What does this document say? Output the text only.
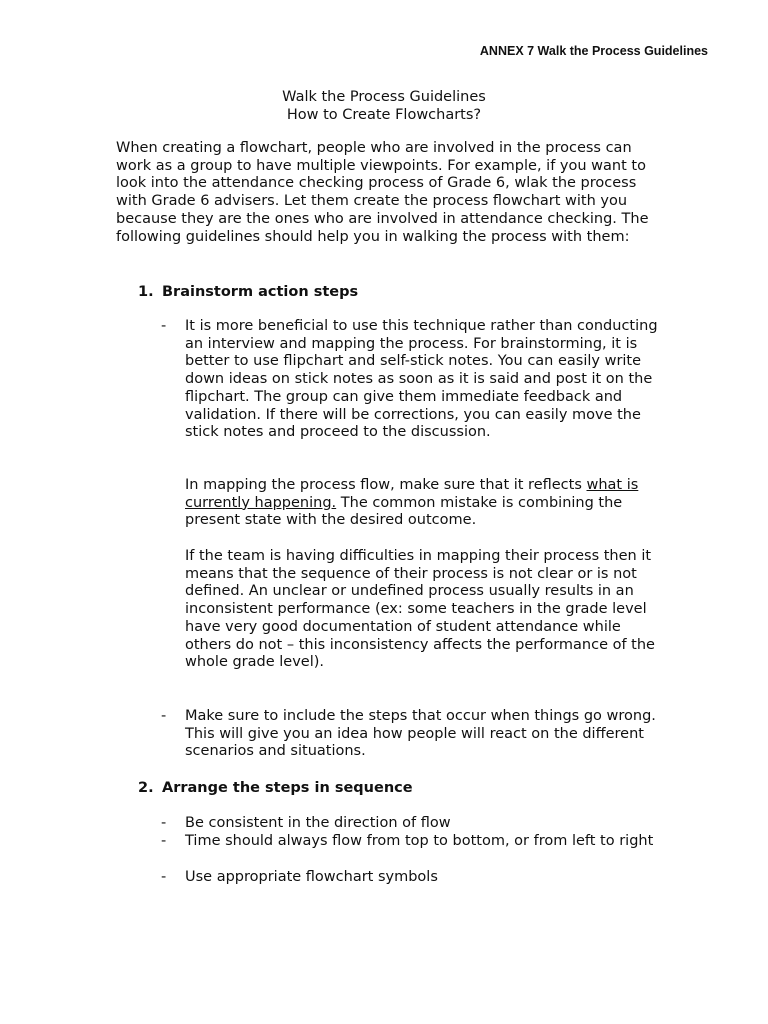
ANNEX 7 Walk the Process Guidelines
Walk the Process Guidelines
How to Create Flowcharts?
When creating a flowchart, people who are involved in the process can work as a group to have multiple viewpoints. For example, if you want to look into the attendance checking process of Grade 6, wlak the process with Grade 6 advisers. Let them create the process flowchart with you because they are the ones who are involved in attendance checking. The following guidelines should help you in walking the process with them:
1. Brainstorm action steps
- It is more beneficial to use this technique rather than conducting an interview and mapping the process. For brainstorming, it is better to use flipchart and self-stick notes. You can easily write down ideas on stick notes as soon as it is said and post it on the flipchart. The group can give them immediate feedback and validation. If there will be corrections, you can easily move the stick notes and proceed to the discussion.
In mapping the process flow, make sure that it reflects what is currently happening. The common mistake is combining the present state with the desired outcome.
If the team is having difficulties in mapping their process then it means that the sequence of their process is not clear or is not defined. An unclear or undefined process usually results in an inconsistent performance (ex: some teachers in the grade level have very good documentation of student attendance while others do not – this inconsistency affects the performance of the whole grade level).
- Make sure to include the steps that occur when things go wrong. This will give you an idea how people will react on the different scenarios and situations.
2. Arrange the steps in sequence
- Be consistent in the direction of flow
- Time should always flow from top to bottom, or from left to right
- Use appropriate flowchart symbols
